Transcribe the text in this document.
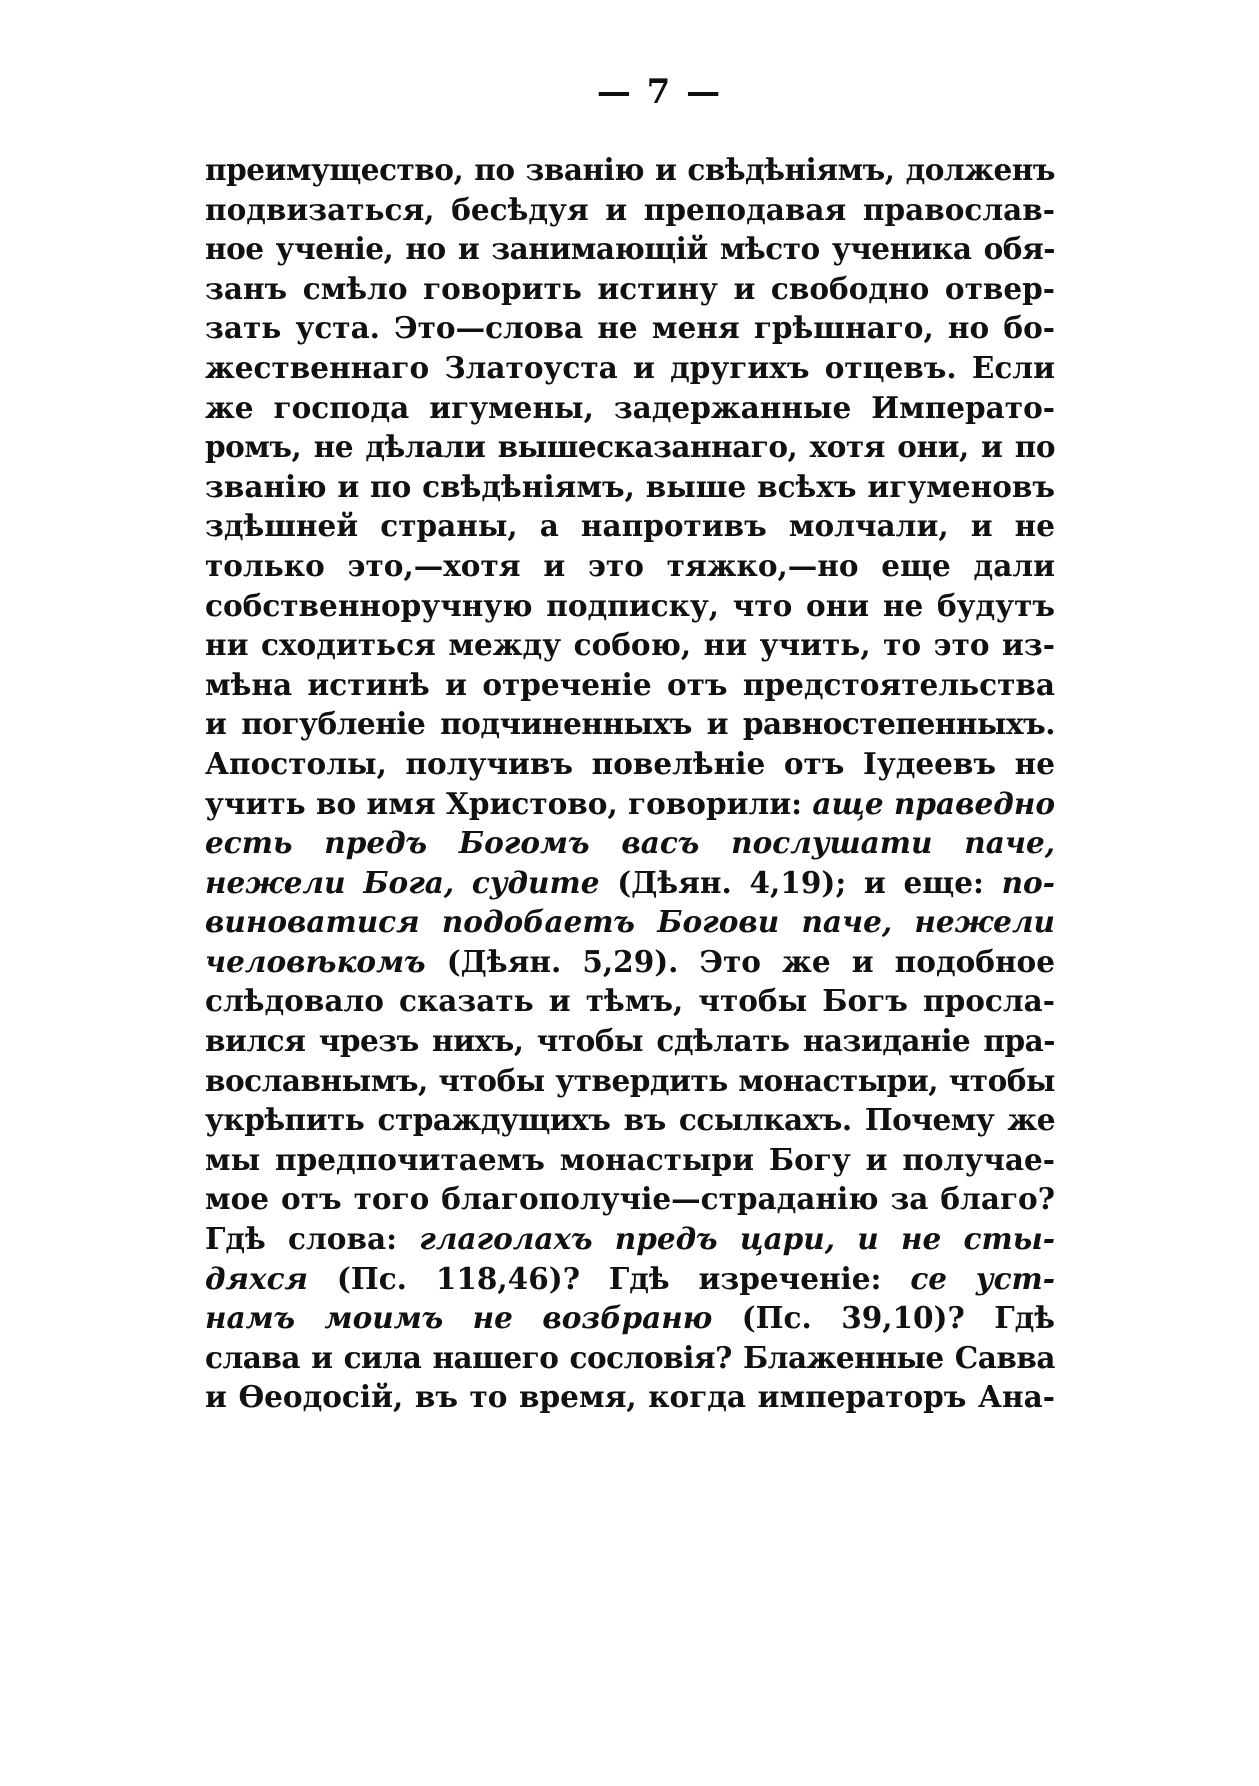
— 7 —
преимущество, по званію и свѣдѣніямъ, долженъ
подвизаться, бесѣдуя и преподавая православ-
ное ученіе, но и занимающій мѣсто ученика обя-
занъ смѣло говорить истину и свободно отвер-
зать уста. Это—слова не меня грѣшнаго, но бо-
жественнаго Златоуста и другихъ отцевъ. Если
же господа игумены, задержанные Императо-
ромъ, не дѣлали вышесказаннаго, хотя они, и по
званію и по свѣдѣніямъ, выше всѣхъ игуменовъ
здѣшней страны, а напротивъ молчали, и не
только это,—хотя и это тяжко,—но еще дали
собственноручную подписку, что они не будутъ
ни сходиться между собою, ни учить, то это из-
мѣна истинѣ и отреченіе отъ предстоятельства
и погубленіе подчиненныхъ и равностепенныхъ.
Апостолы, получивъ повелѣніе отъ Іудеевъ не
учить во имя Христово, говорили: аще праведно
есть предъ Богомъ васъ послушати паче,
нежели Бога, судите (Дѣян. 4,19); и еще: по-
виноватися подобаетъ Богови паче, нежели
человѣкомъ (Дѣян. 5,29). Это же и подобное
слѣдовало сказать и тѣмъ, чтобы Богъ просла-
вился чрезъ нихъ, чтобы сдѣлать назиданіе пра-
вославнымъ, чтобы утвердить монастыри, чтобы
укрѣпить страждущихъ въ ссылкахъ. Почему же
мы предпочитаемъ монастыри Богу и получае-
мое отъ того благополучіе—страданію за благо?
Гдѣ слова: глаголахъ предъ цари, и не сты-
дяхся (Пс. 118,46)? Гдѣ изреченіе: се уст-
намъ моимъ не возбраню (Пс. 39,10)? Гдѣ
слава и сила нашего сословія? Блаженные Савва
и Ѳеодосій, въ то время, когда императоръ Ана-
